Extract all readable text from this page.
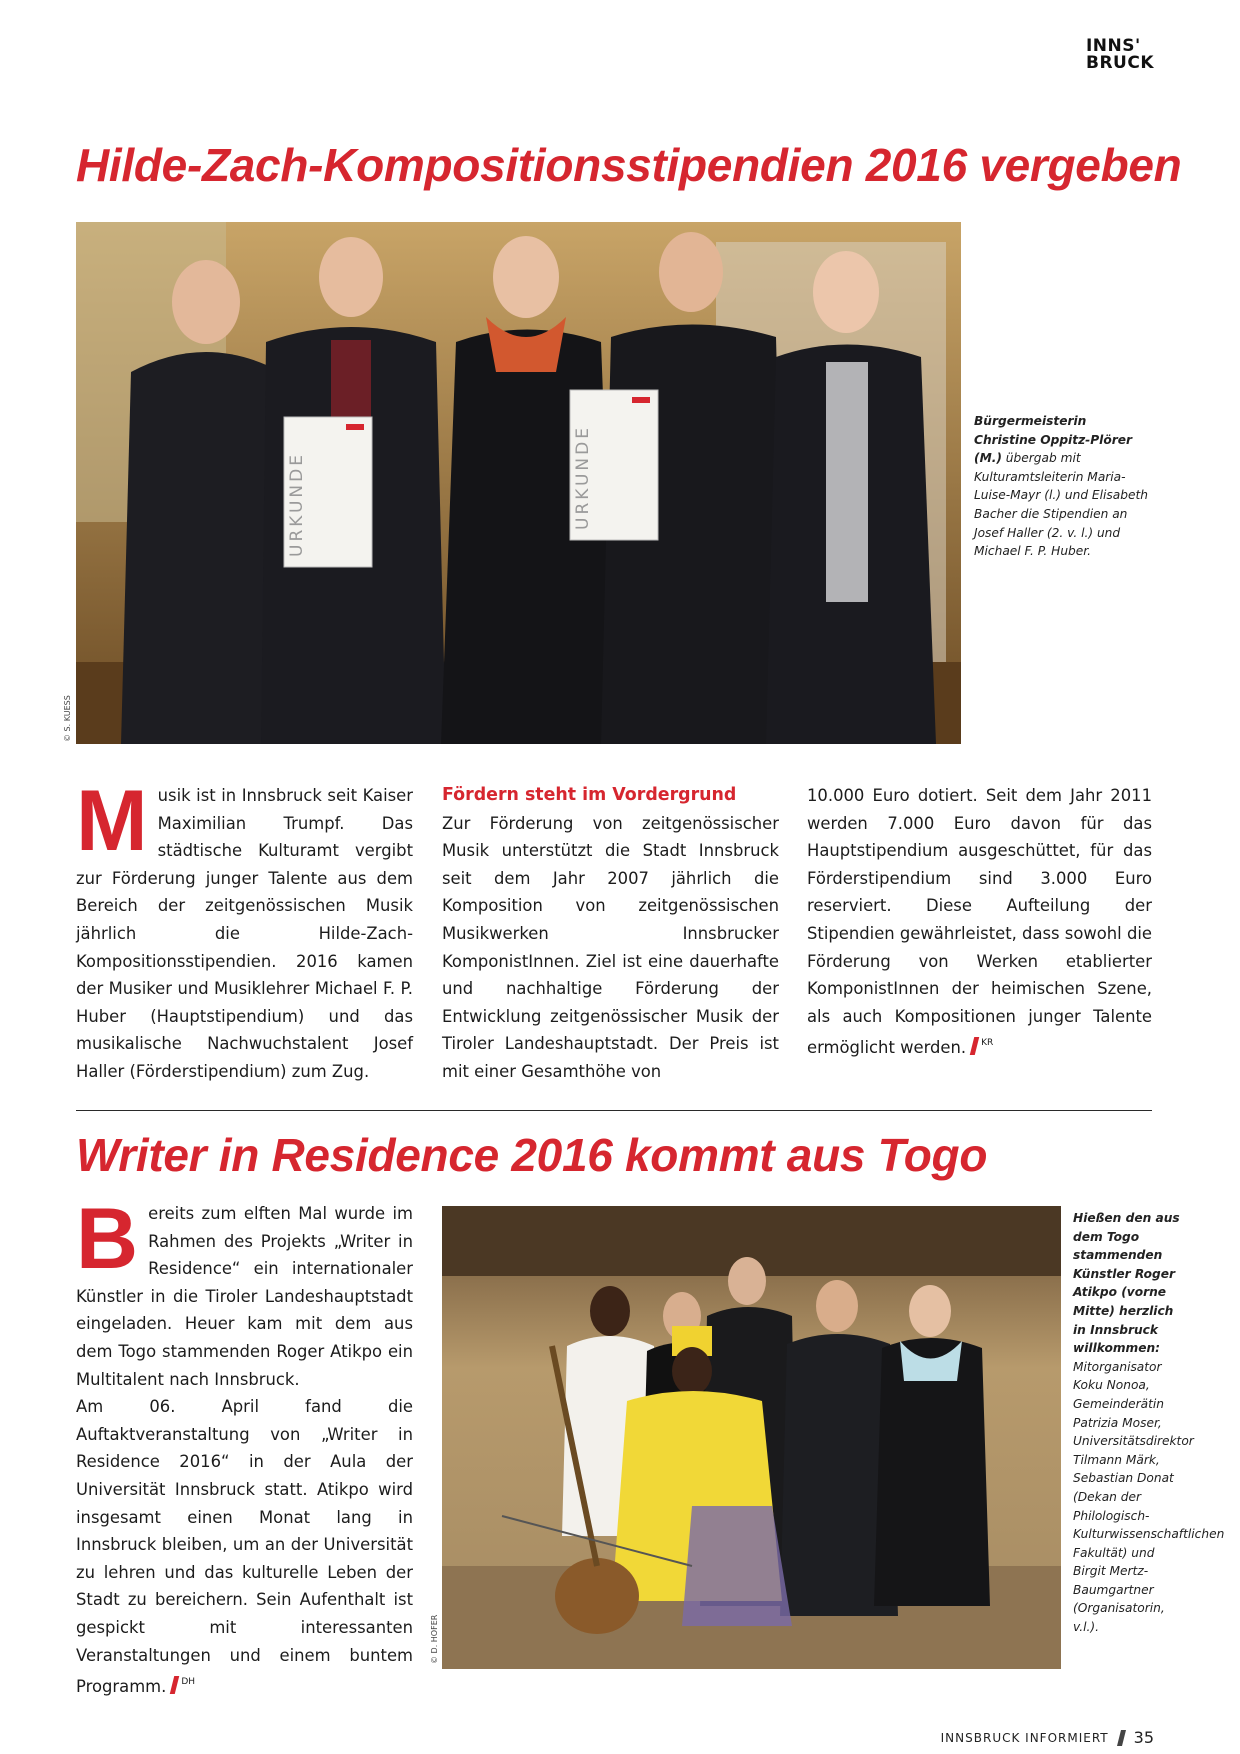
INNS'
BRUCK
Hilde-Zach-Kompositionsstipendien 2016 vergeben
URKUNDE	URKUNDE
© S. KUESS
Bürgermeisterin Christine Oppitz-Plörer (M.) übergab mit Kulturamtsleiterin Maria-Luise-Mayr (l.) und Elisabeth Bacher die Stipendien an Josef Haller (2. v. l.) und Michael F. P. Huber.

Musik ist in Innsbruck seit Kaiser Maximilian Trumpf. Das städtische Kulturamt vergibt zur Förderung junger Talente aus dem Bereich der zeitgenössischen Musik jährlich die Hilde-Zach-Kompositionsstipendien. 2016 kamen der Musiker und Musiklehrer Michael F. P. Huber (Hauptstipendium) und das musikalische Nachwuchstalent Josef Haller (Förderstipendium) zum Zug.

Fördern steht im Vordergrund

Zur Förderung von zeitgenössischer Musik unterstützt die Stadt Innsbruck seit dem Jahr 2007 jährlich die Komposition von zeitgenössischen Musikwerken Innsbrucker KomponistInnen. Ziel ist eine dauerhafte und nachhaltige Förderung der Entwicklung zeitgenössischer Musik der Tiroler Landeshauptstadt. Der Preis ist mit einer Gesamthöhe von

10.000 Euro dotiert. Seit dem Jahr 2011 werden 7.000 Euro davon für das Hauptstipendium ausgeschüttet, für das Förderstipendium sind 3.000 Euro reserviert. Diese Aufteilung der Stipendien gewährleistet, dass sowohl die Förderung von Werken etablierter KomponistInnen der heimischen Szene, als auch Kompositionen junger Talente ermöglicht werden. $^{KR}$

Writer in Residence 2016 kommt aus Togo

Bereits zum elften Mal wurde im Rahmen des Projekts „Writer in Residence“ ein internationaler Künstler in die Tiroler Landeshauptstadt eingeladen. Heuer kam mit dem aus dem Togo stammenden Roger Atikpo ein Multitalent nach Innsbruck.

Am 06. April fand die Auftaktveranstaltung von „Writer in Residence 2016“ in der Aula der Universität Innsbruck statt. Atikpo wird insgesamt einen Monat lang in Innsbruck bleiben, um an der Universität zu lehren und das kulturelle Leben der Stadt zu bereichern. Sein Aufenthalt ist gespickt mit interessanten Veranstaltungen und einem buntem Programm. $^{DH}$

© D. HOFER
Hießen den aus dem Togo stammenden Künstler Roger Atikpo (vorne Mitte) herzlich in Innsbruck willkommen: Mitorganisator Koku Nonoa, Gemeinderätin Patrizia Moser, Universitätsdirektor Tilmann Märk, Sebastian Donat (Dekan der Philologisch-Kulturwissenschaftlichen Fakultät) und Birgit Mertz-Baumgartner (Organisatorin, v.l.).
INNSBRUCK INFORMIERT 35
